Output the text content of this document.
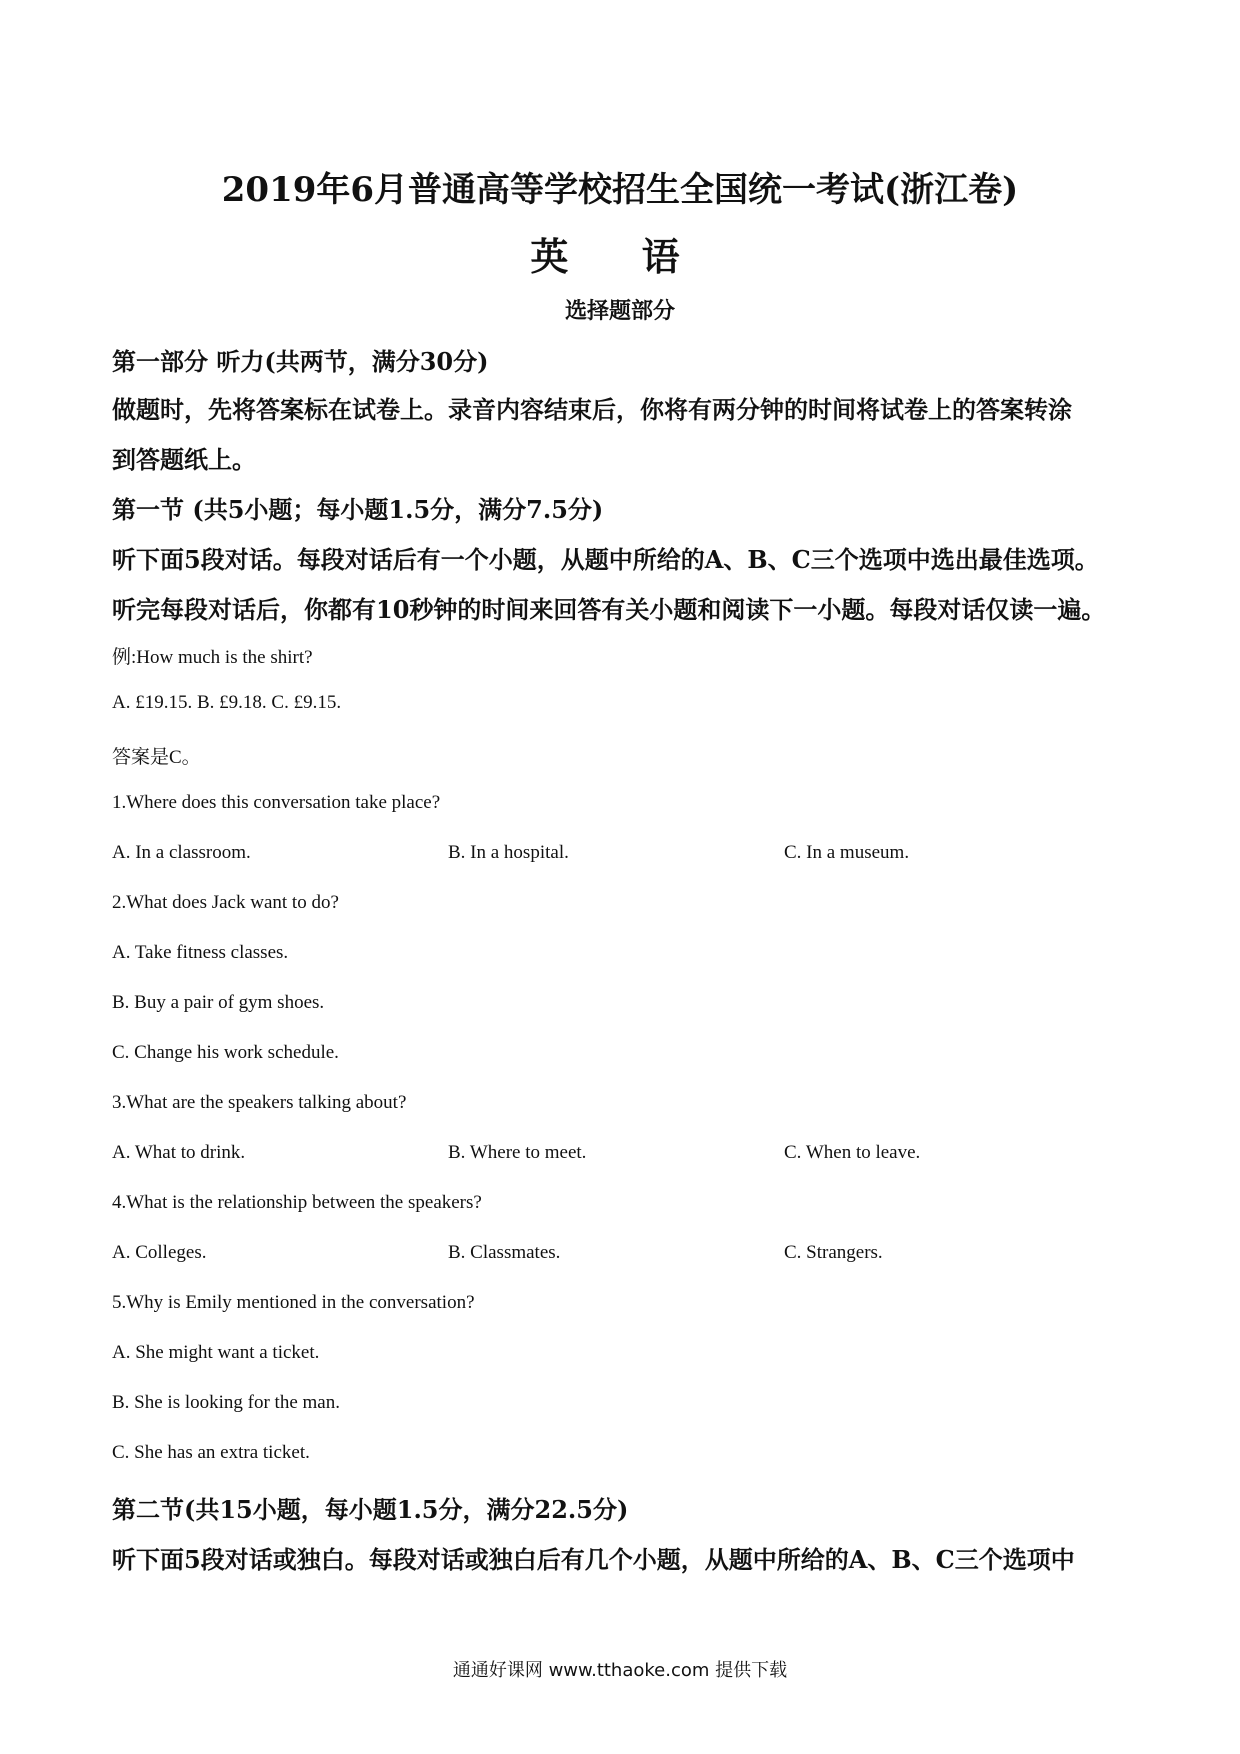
2019年6月普通高等学校招生全国统一考试(浙江卷)
英 语
选择题部分
第一部分 听力(共两节，满分30分)
做题时，先将答案标在试卷上。录音内容结束后，你将有两分钟的时间将试卷上的答案转涂
到答题纸上。
第一节 (共5小题；每小题1.5分，满分7.5分)
听下面5段对话。每段对话后有一个小题，从题中所给的A、B、C三个选项中选出最佳选项。
听完每段对话后，你都有10秒钟的时间来回答有关小题和阅读下一小题。每段对话仅读一遍。
例:How much is the shirt?
A. £19.15. B. £9.18. C. £9.15.
答案是C。
1.Where does this conversation take place?
A. In a classroom.	B. In a hospital.	C. In a museum.
2.What does Jack want to do?
A. Take fitness classes.
B. Buy a pair of gym shoes.
C. Change his work schedule.
3.What are the speakers talking about?
A. What to drink.	B. Where to meet.	C. When to leave.
4.What is the relationship between the speakers?
A. Colleges.	B. Classmates.	C. Strangers.
5.Why is Emily mentioned in the conversation?
A. She might want a ticket.
B. She is looking for the man.
C. She has an extra ticket.
第二节(共15小题，每小题1.5分，满分22.5分)
听下面5段对话或独白。每段对话或独白后有几个小题，从题中所给的A、B、C三个选项中
通通好课网 www.tthaoke.com 提供下载
